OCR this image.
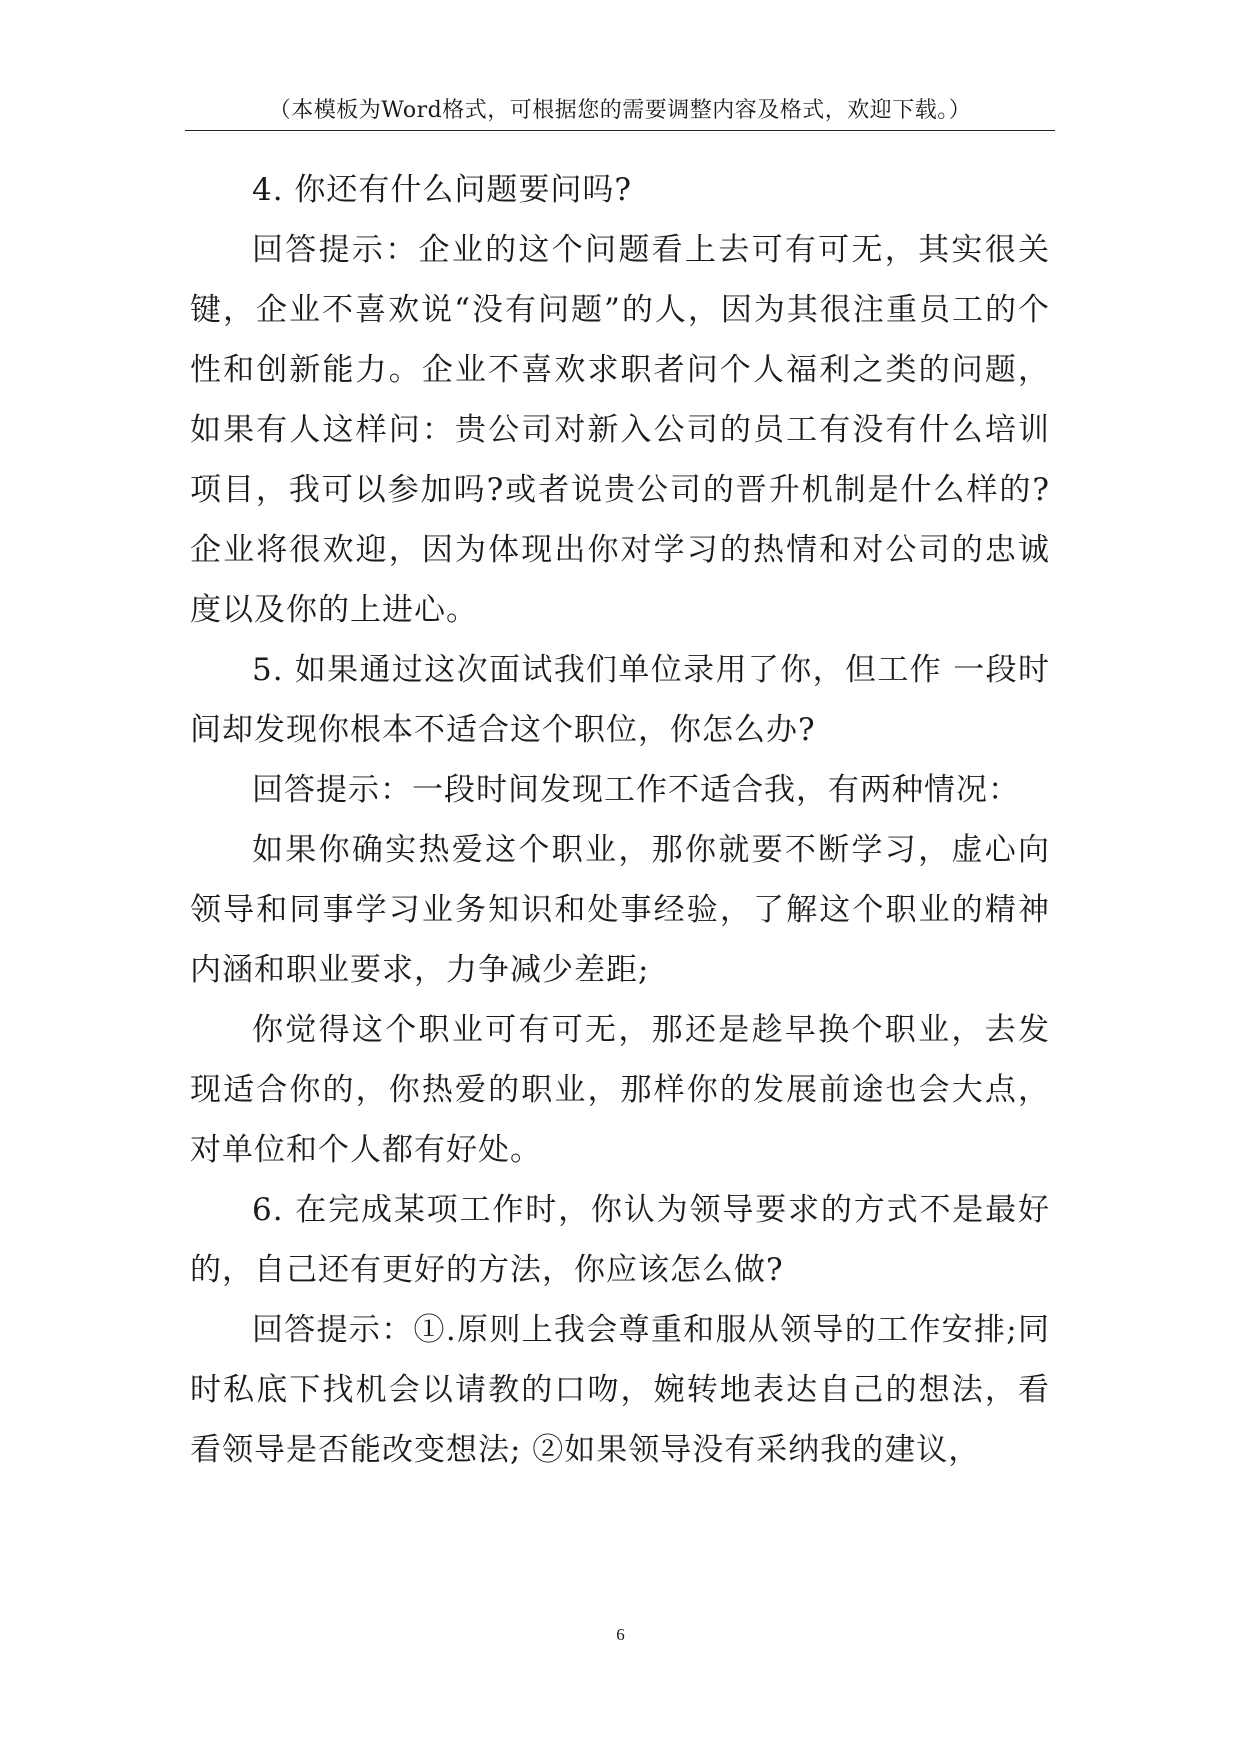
（本模板为Word格式，可根据您的需要调整内容及格式，欢迎下载。）

4. 你还有什么问题要问吗?

回答提示：企业的这个问题看上去可有可无，其实很关键，企业不喜欢说“没有问题”的人，因为其很注重员工的个性和创新能力。企业不喜欢求职者问个人福利之类的问题，如果有人这样问：贵公司对新入公司的员工有没有什么培训项目，我可以参加吗?或者说贵公司的晋升机制是什么样的?企业将很欢迎，因为体现出你对学习的热情和对公司的忠诚度以及你的上进心。

5. 如果通过这次面试我们单位录用了你，但工作 一段时间却发现你根本不适合这个职位，你怎么办?

回答提示：一段时间发现工作不适合我，有两种情况：

如果你确实热爱这个职业，那你就要不断学习，虚心向领导和同事学习业务知识和处事经验，了解这个职业的精神内涵和职业要求，力争减少差距;

你觉得这个职业可有可无，那还是趁早换个职业，去发现适合你的，你热爱的职业，那样你的发展前途也会大点，对单位和个人都有好处。

6. 在完成某项工作时，你认为领导要求的方式不是最好的，自己还有更好的方法，你应该怎么做?

回答提示：①.原则上我会尊重和服从领导的工作安排;同时私底下找机会以请教的口吻，婉转地表达自己的想法，看看领导是否能改变想法; ②如果领导没有采纳我的建议，

6
